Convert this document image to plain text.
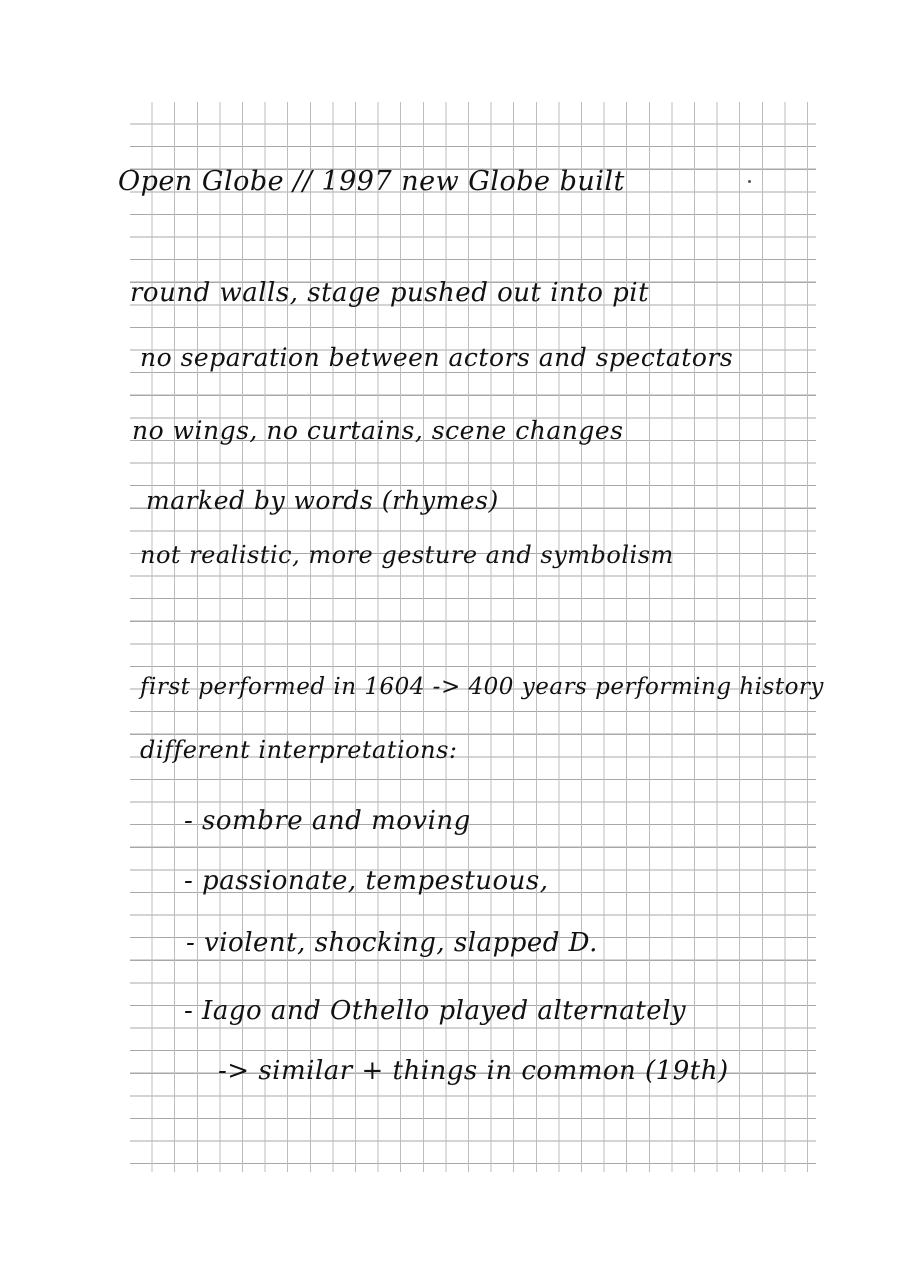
Open Globe // 1997 new Globe built

round walls, stage pushed out into pit

no separation between actors and spectators

no wings, no curtains, scene changes

marked by words (rhymes)

not realistic, more gesture and symbolism

first performed in 1604 -> 400 years performing history

different interpretations:

- sombre and moving

- passionate, tempestuous,

- violent, shocking, slapped D.

- Iago and Othello played alternately

-> similar + things in common (19th)
